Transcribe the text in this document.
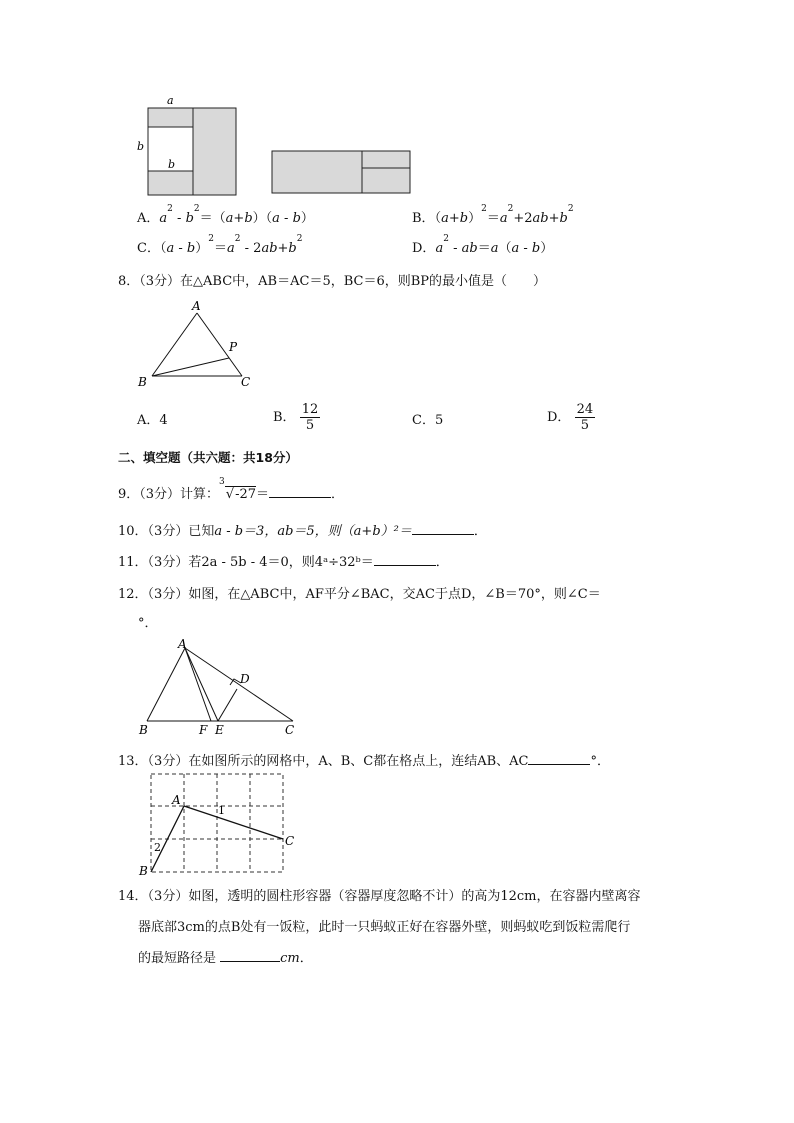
a
b
b
A．$a^2 - b^2=(a+b)(a - b)$	B．$(a+b)^2=a^2+2ab+b^2$
C．$(a - b)^2=a^2 - 2ab+b^2$
D．$a^2 - ab=a(a - b)$
8．（3分）在△ABC中，AB＝AC＝5，BC＝6，则BP的最小值是（　　）
A
P
B	C
A．4	B． $\frac{12}{5}$	C．5	D． $\frac{24}{5}$
二、填空题（共六题：共18分）
9．（3分）计算：$^3$√-27＝	．
10．（3分）已知a - b＝3，ab＝5，则（a+b）²＝	．
11．（3分）若2a - 5b - 4＝0，则4ᵃ÷32ᵇ＝	．
12．（3分）如图，在△ABC中，AF平分∠BAC，交AC于点D，∠B＝70°，则∠C＝
°．
A
D
B	F E	C
13．（3分）在如图所示的网格中，A、B、C都在格点上，连结AB、AC	°．
A
1
C
2
B
14．（3分）如图，透明的圆柱形容器（容器厚度忽略不计）的高为12cm，在容器内壁离容
器底部3cm的点B处有一饭粒，此时一只蚂蚁正好在容器外壁，则蚂蚁吃到饭粒需爬行
的最短路径是	cm．
